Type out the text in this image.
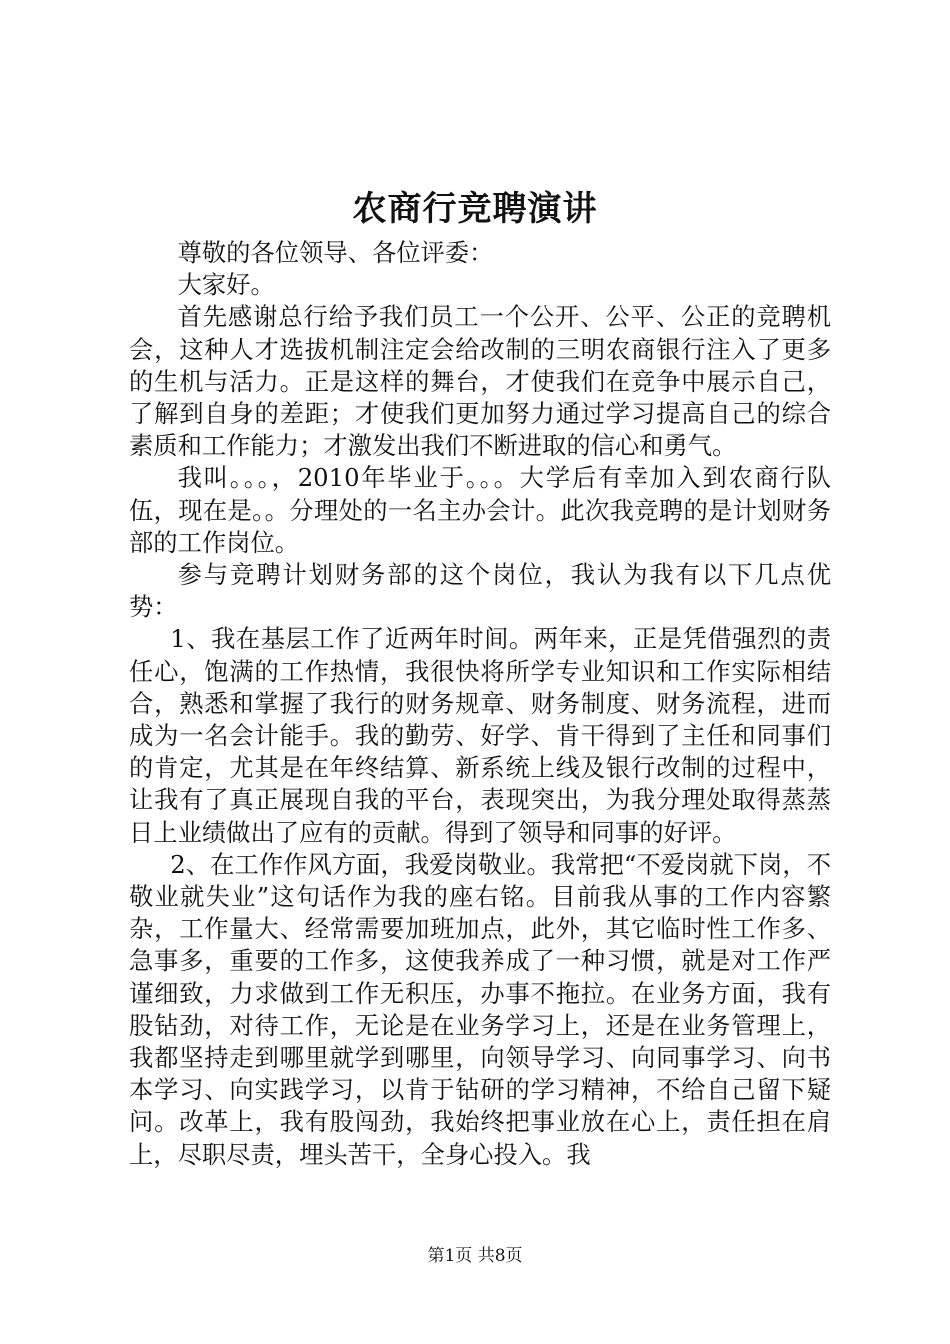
农商行竞聘演讲

尊敬的各位领导、各位评委：

大家好。

首先感谢总行给予我们员工一个公开、公平、公正的竞聘机会，这种人才选拔机制注定会给改制的三明农商银行注入了更多的生机与活力。正是这样的舞台，才使我们在竞争中展示自己，了解到自身的差距；才使我们更加努力通过学习提高自己的综合素质和工作能力；才激发出我们不断进取的信心和勇气。

我叫。。。，2010年毕业于。。。大学后有幸加入到农商行队伍，现在是。。分理处的一名主办会计。此次我竞聘的是计划财务部的工作岗位。

参与竞聘计划财务部的这个岗位，我认为我有以下几点优势：

1、我在基层工作了近两年时间。两年来，正是凭借强烈的责任心，饱满的工作热情，我很快将所学专业知识和工作实际相结合，熟悉和掌握了我行的财务规章、财务制度、财务流程，进而成为一名会计能手。我的勤劳、好学、肯干得到了主任和同事们的肯定，尤其是在年终结算、新系统上线及银行改制的过程中，让我有了真正展现自我的平台，表现突出，为我分理处取得蒸蒸日上业绩做出了应有的贡献。得到了领导和同事的好评。

2、在工作作风方面，我爱岗敬业。我常把“不爱岗就下岗，不敬业就失业”这句话作为我的座右铭。目前我从事的工作内容繁杂，工作量大、经常需要加班加点，此外，其它临时性工作多、急事多，重要的工作多，这使我养成了一种习惯，就是对工作严谨细致，力求做到工作无积压，办事不拖拉。在业务方面，我有股钻劲，对待工作，无论是在业务学习上，还是在业务管理上，我都坚持走到哪里就学到哪里，向领导学习、向同事学习、向书本学习、向实践学习，以肯于钻研的学习精神，不给自己留下疑问。改革上，我有股闯劲，我始终把事业放在心上，责任担在肩上，尽职尽责，埋头苦干，全身心投入。我

第1页 共8页
